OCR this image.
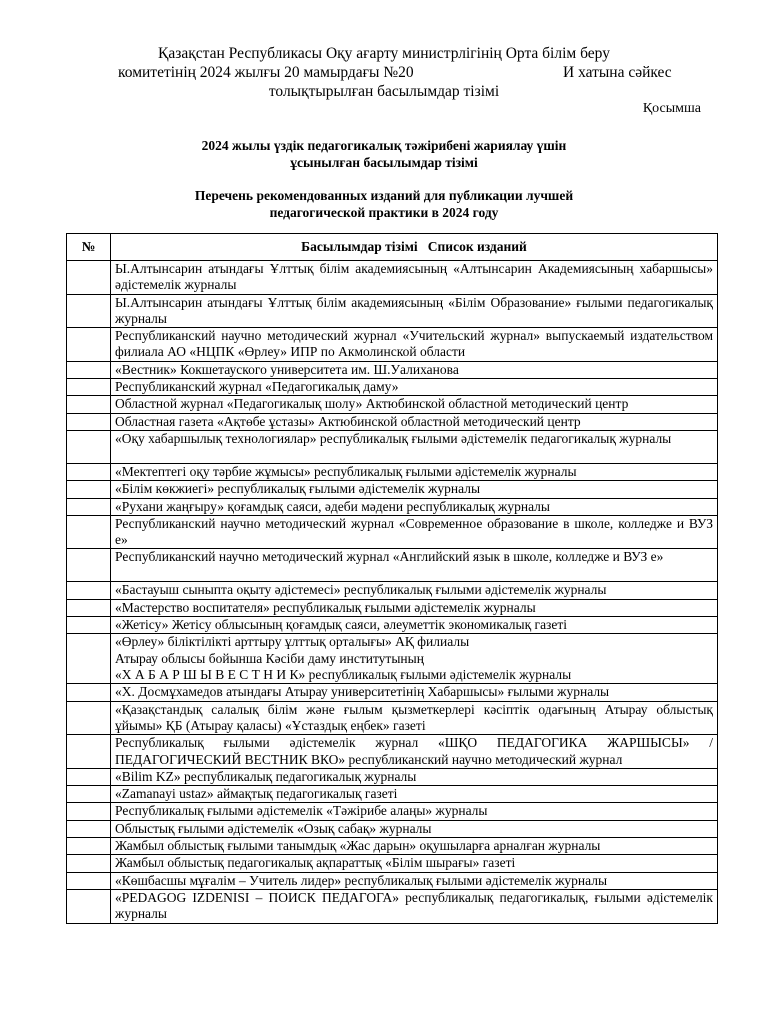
Қазақстан Республикасы Оқу ағарту министрлігінің Орта білім беру
комитетінің 2024 жылғы 20 мамырдағы №20	И хатына сәйкес
толықтырылған басылымдар тізімі
Қосымша
2024 жылы үздік педагогикалық тәжірибені жариялау үшін
ұсынылған басылымдар тізімі
Перечень рекомендованных изданий для публикации лучшей
педагогической практики в 2024 году
№	Басылымдар тізімі   Список изданий
	Ы.Алтынсарин атындағы Ұлттық білім академиясының «Алтынсарин Академиясының хабаршысы» әдістемелік журналы
	Ы.Алтынсарин атындағы Ұлттық білім академиясының «Білім Образование» ғылыми педагогикалық журналы
	Республиканский научно методический журнал «Учительский журнал» выпускаемый издательством филиала АО «НЦПК «Өрлеу» ИПР по Акмолинской области
	«Вестник» Кокшетауского университета им. Ш.Уалиханова
	Республиканский журнал «Педагогикалық даму»
	Областной журнал «Педагогикалық шолу» Актюбинской областной методический центр
	Областная газета «Ақтөбе ұстазы» Актюбинской областной методический центр
	«Оқу хабаршылық технологиялар» республикалық ғылыми әдістемелік педагогикалық журналы
	«Мектептегі оқу тәрбие жұмысы» республикалық ғылыми әдістемелік журналы
	«Білім көкжиегі» республикалық ғылыми әдістемелік журналы
	«Рухани жаңғыру» қоғамдық саяси, әдеби мәдени республикалық журналы
	Республиканский научно методический журнал «Современное образование в школе, колледже и ВУЗ е»
	Республиканский научно методический журнал «Английский язык в школе, колледже и ВУЗ е»
	«Бастауыш сыныпта оқыту әдістемесі» республикалық ғылыми әдістемелік журналы
	«Мастерство воспитателя» республикалық ғылыми әдістемелік журналы
	«Жетісу» Жетісу облысының қоғамдық саяси, әлеуметтік экономикалық газеті
	«Өрлеу» біліктілікті арттыру ұлттық орталығы» АҚ филиалы
Атырау облысы бойынша Кәсіби даму институтының
«Х А Б А Р Ш Ы В Е С Т Н И К» республикалық ғылыми әдістемелік журналы
	«Х. Досмұхамедов атындағы Атырау университетінің Хабаршысы» ғылыми журналы
	«Қазақстандық салалық білім және ғылым қызметкерлері кәсіптік одағының Атырау облыстық ұйымы» ҚБ (Атырау қаласы) «Ұстаздық еңбек» газеті
	Республикалық ғылыми әдістемелік журнал «ШҚО ПЕДАГОГИКА ЖАРШЫСЫ» /ПЕДАГОГИЧЕСКИЙ ВЕСТНИК ВКО» республиканский научно методический журнал
	«Bilim KZ» республикалық педагогикалық журналы
	«Zamanayi ustaz» аймақтық педагогикалық газеті
	Республикалық ғылыми әдістемелік «Тәжірибе алаңы» журналы
	Облыстық ғылыми әдістемелік «Озық сабақ» журналы
	Жамбыл облыстық ғылыми танымдық «Жас дарын» оқушыларға арналған журналы
	Жамбыл облыстық педагогикалық ақпараттық «Білім шырағы» газеті
	«Көшбасшы мұғалім – Учитель лидер» республикалық ғылыми әдістемелік журналы
	«PEDAGOG IZDENISI – ПОИСК ПЕДАГОГА» республикалық педагогикалық, ғылыми әдістемелік журналы
